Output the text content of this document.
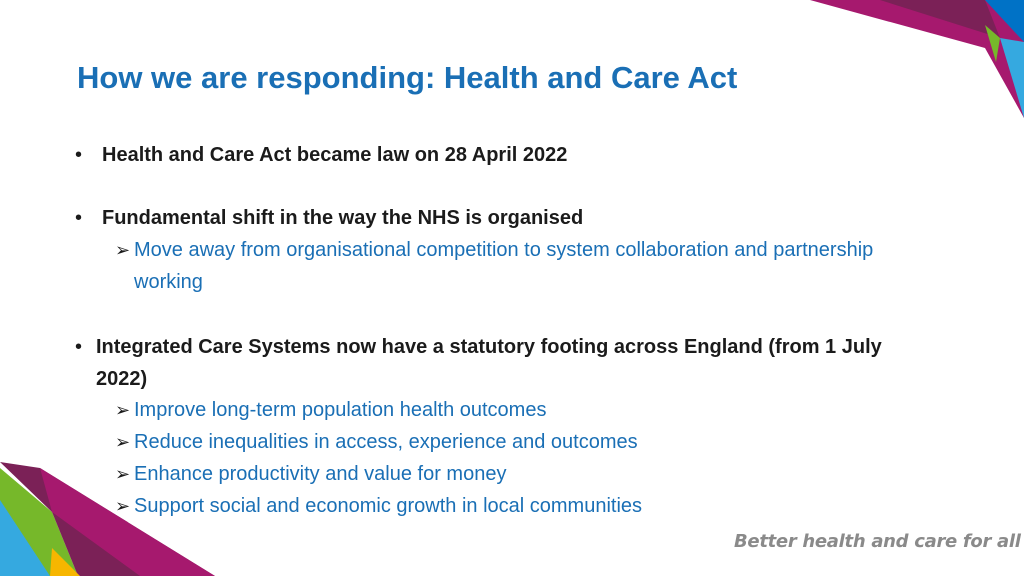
How we are responding: Health and Care Act
• Health and Care Act became law on 28 April 2022
• Fundamental shift in the way the NHS is organised
➢ Move away from organisational competition to system collaboration and partnership
working
• Integrated Care Systems now have a statutory footing across England (from 1 July
2022)
➢ Improve long-term population health outcomes
➢ Reduce inequalities in access, experience and outcomes
➢ Enhance productivity and value for money
➢ Support social and economic growth in local communities
Better health and care for all
